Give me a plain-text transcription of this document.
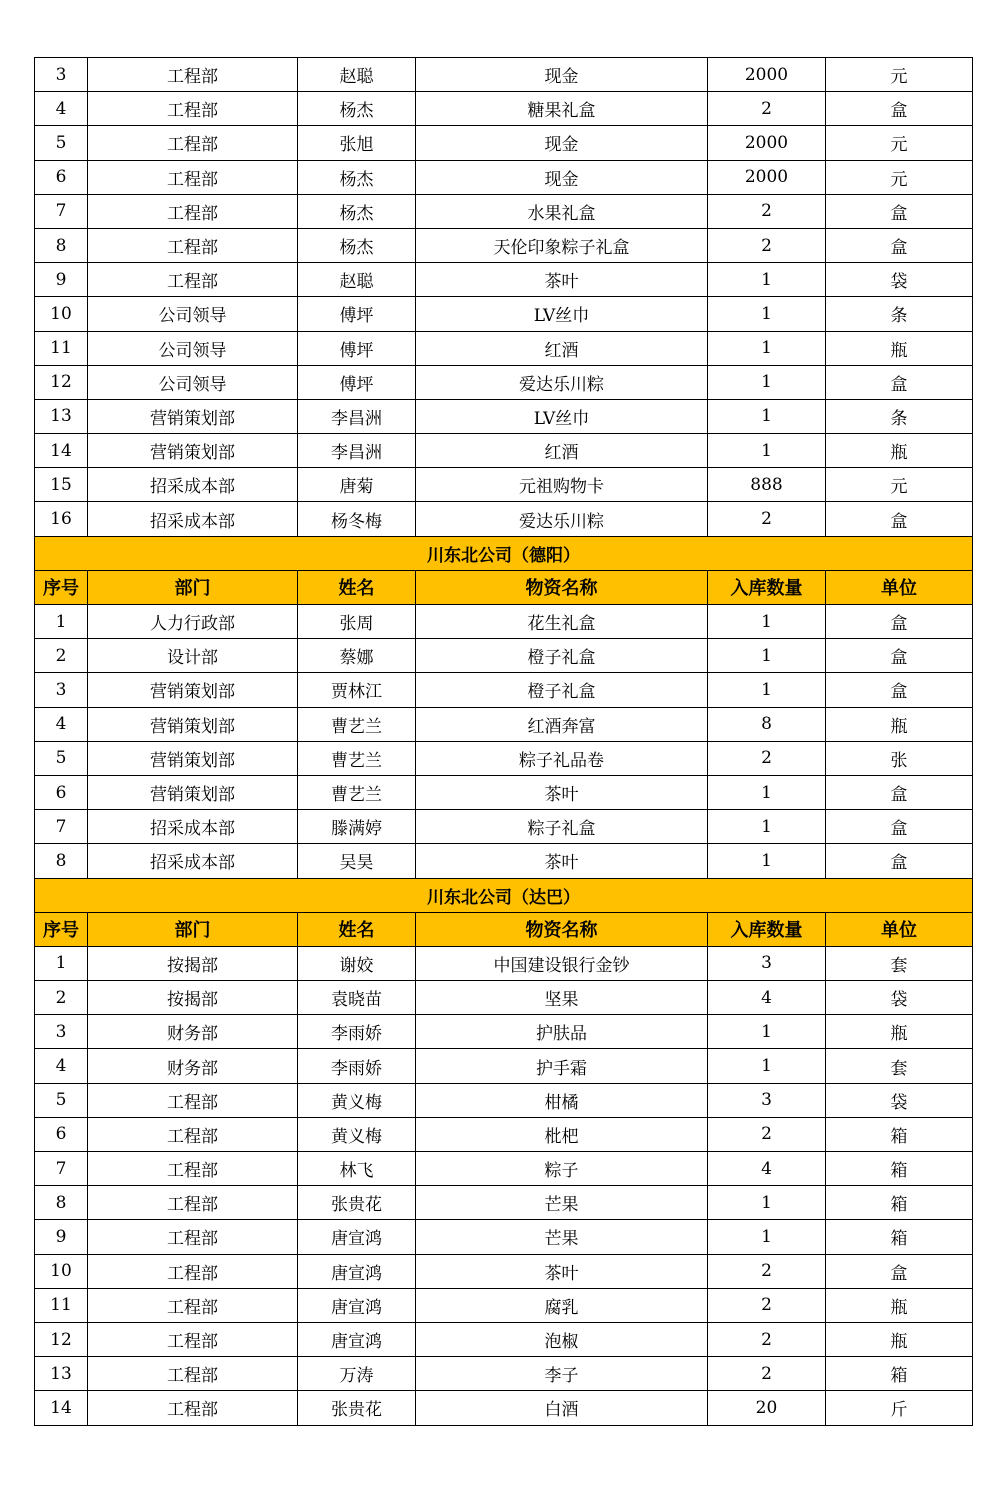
3	工程部	赵聪	现金	2000	元
4	工程部	杨杰	糖果礼盒	2	盒
5	工程部	张旭	现金	2000	元
6	工程部	杨杰	现金	2000	元
7	工程部	杨杰	水果礼盒	2	盒
8	工程部	杨杰	天伦印象粽子礼盒	2	盒
9	工程部	赵聪	茶叶	1	袋
10	公司领导	傅坪	LV丝巾	1	条
11	公司领导	傅坪	红酒	1	瓶
12	公司领导	傅坪	爱达乐川粽	1	盒
13	营销策划部	李昌洲	LV丝巾	1	条
14	营销策划部	李昌洲	红酒	1	瓶
15	招采成本部	唐菊	元祖购物卡	888	元
16	招采成本部	杨冬梅	爱达乐川粽	2	盒
川东北公司（德阳）					
序号	部门	姓名	物资名称	入库数量	单位
1	人力行政部	张周	花生礼盒	1	盒
2	设计部	蔡娜	橙子礼盒	1	盒
3	营销策划部	贾林江	橙子礼盒	1	盒
4	营销策划部	曹艺兰	红酒奔富	8	瓶
5	营销策划部	曹艺兰	粽子礼品卷	2	张
6	营销策划部	曹艺兰	茶叶	1	盒
7	招采成本部	滕满婷	粽子礼盒	1	盒
8	招采成本部	吴昊	茶叶	1	盒
川东北公司（达巴）					
序号	部门	姓名	物资名称	入库数量	单位
1	按揭部	谢姣	中国建设银行金钞	3	套
2	按揭部	袁晓苗	坚果	4	袋
3	财务部	李雨娇	护肤品	1	瓶
4	财务部	李雨娇	护手霜	1	套
5	工程部	黄义梅	柑橘	3	袋
6	工程部	黄义梅	枇杷	2	箱
7	工程部	林飞	粽子	4	箱
8	工程部	张贵花	芒果	1	箱
9	工程部	唐宣鸿	芒果	1	箱
10	工程部	唐宣鸿	茶叶	2	盒
11	工程部	唐宣鸿	腐乳	2	瓶
12	工程部	唐宣鸿	泡椒	2	瓶
13	工程部	万涛	李子	2	箱
14	工程部	张贵花	白酒	20	斤
